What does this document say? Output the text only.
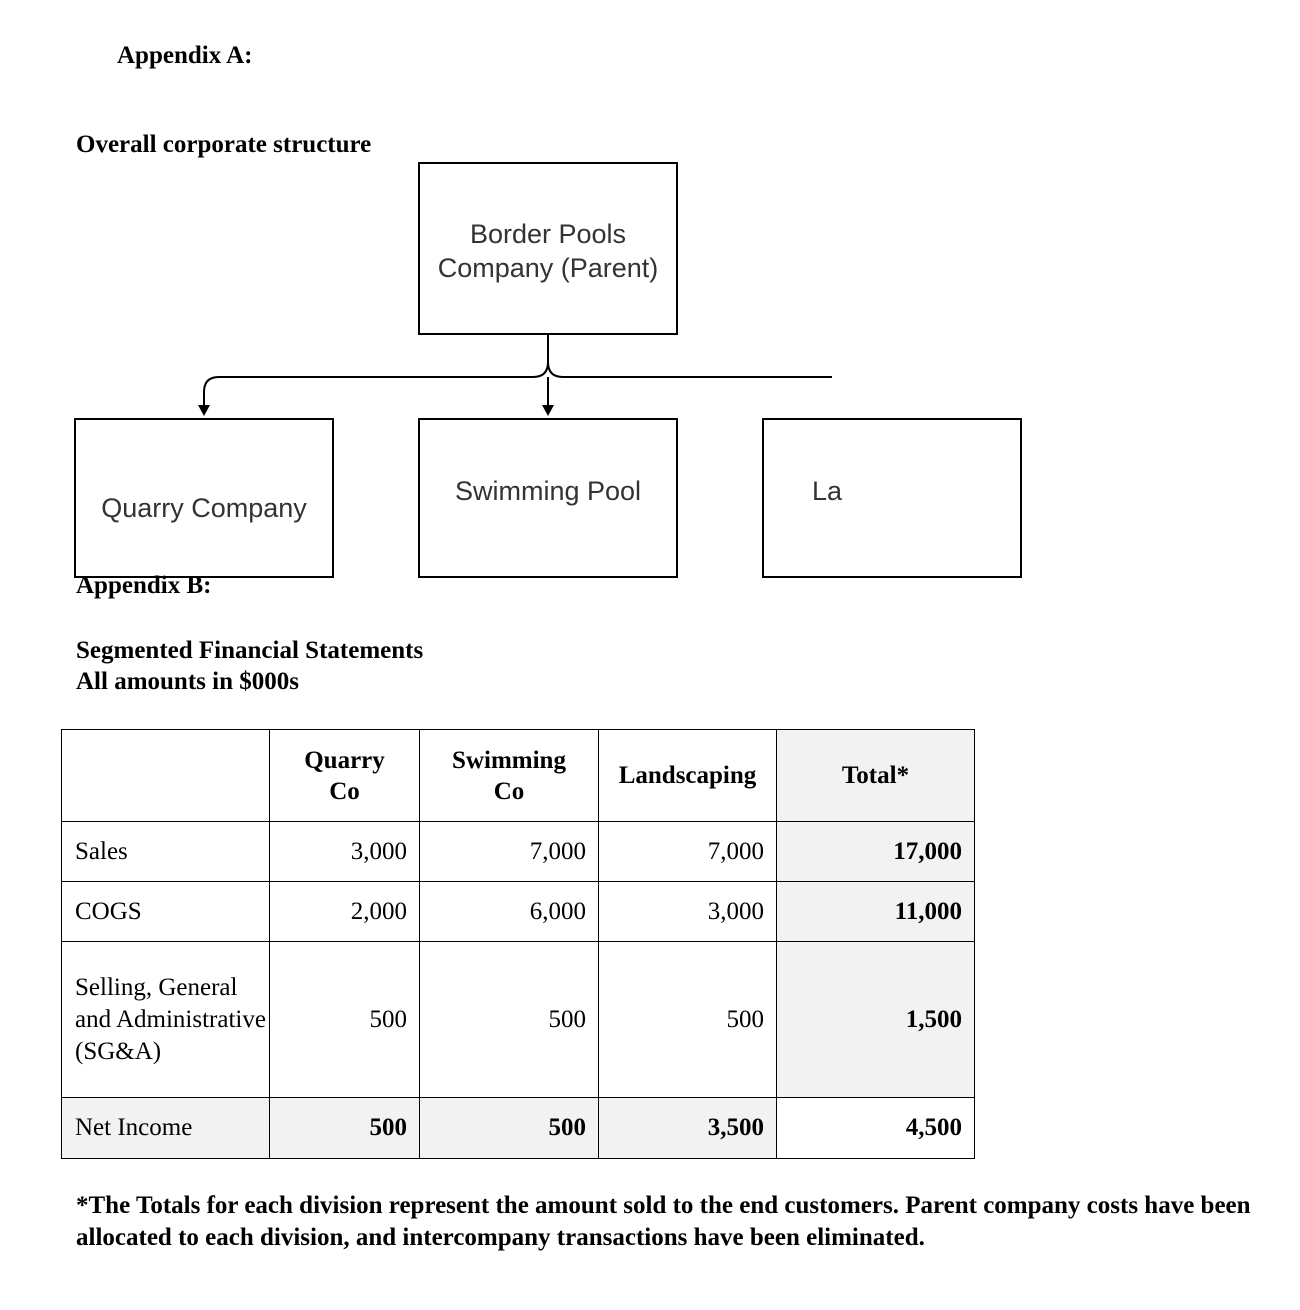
Appendix A:
Overall corporate structure
Border Pools
Company (Parent)
Quarry Company
Swimming Pool	La
Appendix B:
Segmented Financial Statements
All amounts in $000s

	Quarry Co	Swimming Co	Landscaping	Total*
Sales	3,000	7,000	7,000	17,000
COGS	2,000	6,000	3,000	11,000
Selling, General and Administrative (SG&A)	500	500	500	1,500
Net Income	500	500	3,500	4,500
*The Totals for each division represent the amount sold to the end customers. Parent company costs have been allocated to each division, and intercompany transactions have been eliminated.
